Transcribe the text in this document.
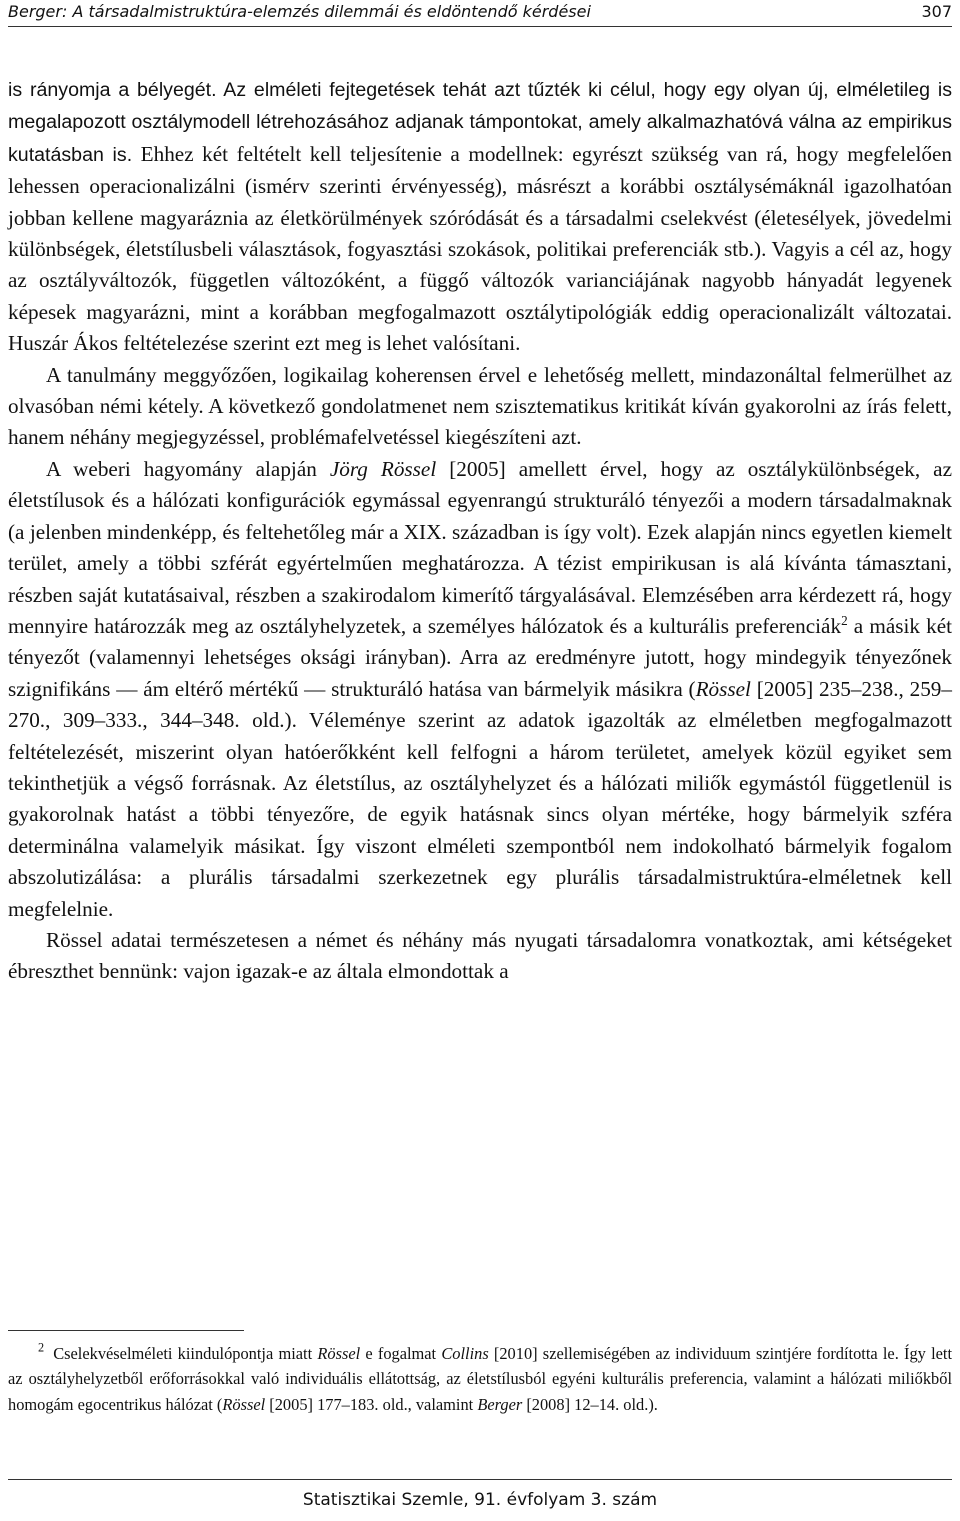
Berger: A társadalmistruktúra-elemzés dilemmái és eldöntendő kérdései	307

is rányomja a bélyegét. Az elméleti fejtegetések tehát azt tűzték ki célul, hogy egy olyan új, elméletileg is megalapozott osztálymodell létrehozásához adjanak támpontokat, amely alkalmazhatóvá válna az empirikus kutatásban is. Ehhez két feltételt kell teljesítenie a modellnek: egyrészt szükség van rá, hogy megfelelően lehessen operacionalizálni (ismérv szerinti érvényesség), másrészt a korábbi osztálysémáknál igazolhatóan jobban kellene magyaráznia az életkörülmények szóródását és a társadalmi cselekvést (életesélyek, jövedelmi különbségek, életstílusbeli választások, fogyasztási szokások, politikai preferenciák stb.). Vagyis a cél az, hogy az osztályváltozók, független változóként, a függő változók varianciájának nagyobb hányadát legyenek képesek magyarázni, mint a korábban megfogalmazott osztálytipológiák eddig operacionalizált változatai. Huszár Ákos feltételezése szerint ezt meg is lehet valósítani.

A tanulmány meggyőzően, logikailag koherensen érvel e lehetőség mellett, mindazonáltal felmerülhet az olvasóban némi kétely. A következő gondolatmenet nem szisztematikus kritikát kíván gyakorolni az írás felett, hanem néhány megjegyzéssel, problémafelvetéssel kiegészíteni azt.

A weberi hagyomány alapján Jörg Rössel [2005] amellett érvel, hogy az osztálykülönbségek, az életstílusok és a hálózati konfigurációk egymással egyenrangú strukturáló tényezői a modern társadalmaknak (a jelenben mindenképp, és feltehetőleg már a XIX. században is így volt). Ezek alapján nincs egyetlen kiemelt terület, amely a többi szférát egyértelműen meghatározza. A tézist empirikusan is alá kívánta támasztani, részben saját kutatásaival, részben a szakirodalom kimerítő tárgyalásával. Elemzésében arra kérdezett rá, hogy mennyire határozzák meg az osztályhelyzetek, a személyes hálózatok és a kulturális preferenciák$^2$ a másik két tényezőt (valamennyi lehetséges oksági irányban). Arra az eredményre jutott, hogy mindegyik tényezőnek szignifikáns — ám eltérő mértékű — strukturáló hatása van bármelyik másikra (Rössel [2005] 235–238., 259–270., 309–333., 344–348. old.). Véleménye szerint az adatok igazolták az elméletben megfogalmazott feltételezését, miszerint olyan hatóerőkként kell felfogni a három területet, amelyek közül egyiket sem tekinthetjük a végső forrásnak. Az életstílus, az osztályhelyzet és a hálózati miliők egymástól függetlenül is gyakorolnak hatást a többi tényezőre, de egyik hatásnak sincs olyan mértéke, hogy bármelyik szféra determinálna valamelyik másikat. Így viszont elméleti szempontból nem indokolható bármelyik fogalom abszolutizálása: a plurális társadalmi szerkezetnek egy plurális társadalmistruktúra-elméletnek kell megfelelnie.

Rössel adatai természetesen a német és néhány más nyugati társadalomra vonatkoztak, ami kétségeket ébreszthet bennünk: vajon igazak-e az általa elmondottak a

$^2$ Cselekvéselméleti kiindulópontja miatt Rössel e fogalmat Collins [2010] szellemiségében az individuum szintjére fordította le. Így lett az osztályhelyzetből erőforrásokkal való individuális ellátottság, az életstílusból egyéni kulturális preferencia, valamint a hálózati miliőkből homogám egocentrikus hálózat (Rössel [2005] 177–183. old., valamint Berger [2008] 12–14. old.).
Statisztikai Szemle, 91. évfolyam 3. szám
